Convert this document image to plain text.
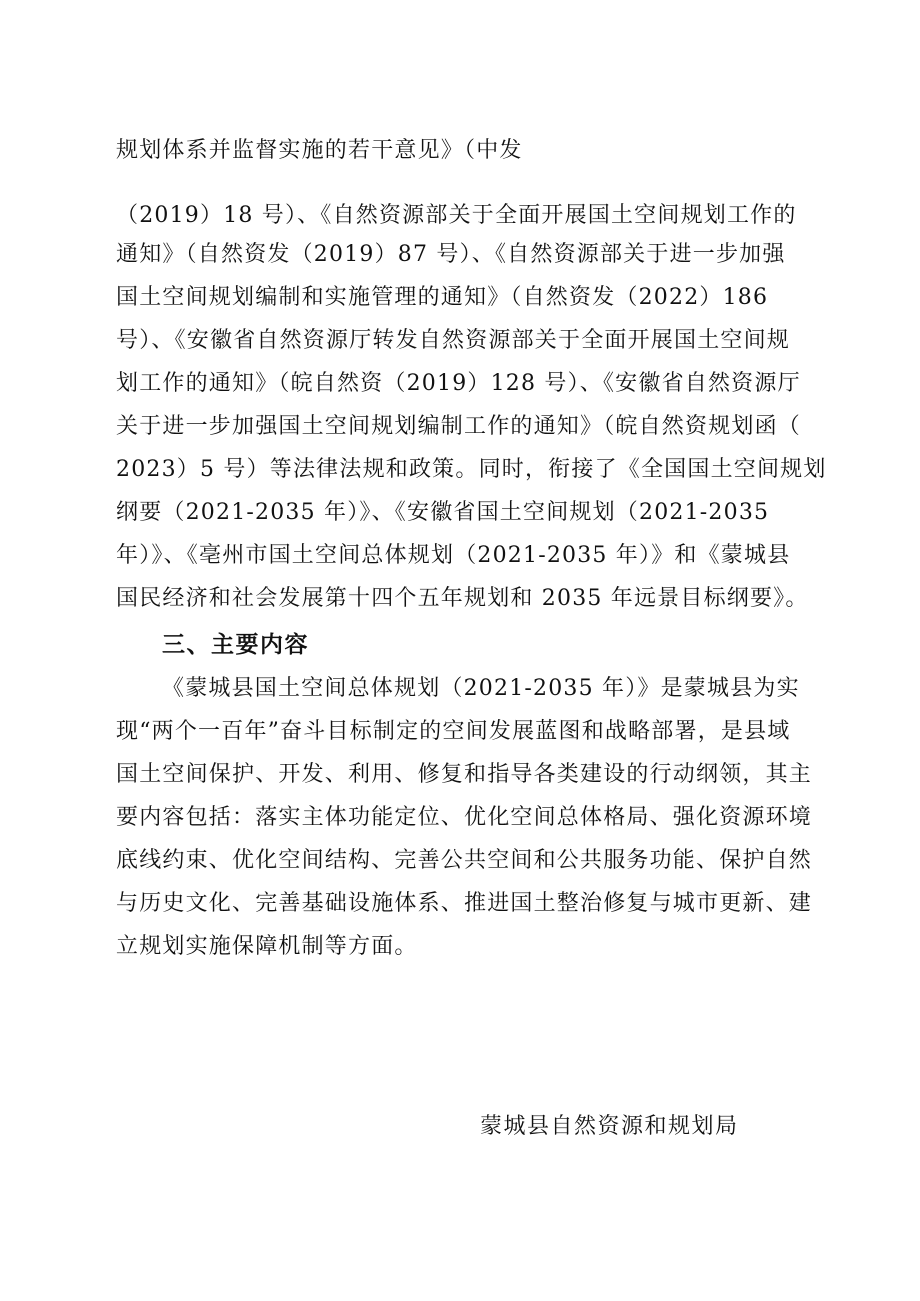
规划体系并监督实施的若干意见》（中发
（2019）18 号）、《自然资源部关于全面开展国土空间规划工作的
通知》（自然资发（2019）87 号）、《自然资源部关于进一步加强
国土空间规划编制和实施管理的通知》（自然资发（2022）186
号）、《安徽省自然资源厅转发自然资源部关于全面开展国土空间规
划工作的通知》（皖自然资（2019）128 号）、《安徽省自然资源厅
关于进一步加强国土空间规划编制工作的通知》（皖自然资规划函（
2023）5 号）等法律法规和政策。同时，衔接了《全国国土空间规划
纲要（2021-2035 年）》、《安徽省国土空间规划（2021-2035
年）》、《亳州市国土空间总体规划（2021-2035 年）》和《蒙城县
国民经济和社会发展第十四个五年规划和 2035 年远景目标纲要》。
三、主要内容
《蒙城县国土空间总体规划（2021-2035 年）》是蒙城县为实
现“两个一百年”奋斗目标制定的空间发展蓝图和战略部署，是县域
国土空间保护、开发、利用、修复和指导各类建设的行动纲领，其主
要内容包括：落实主体功能定位、优化空间总体格局、强化资源环境
底线约束、优化空间结构、完善公共空间和公共服务功能、保护自然
与历史文化、完善基础设施体系、推进国土整治修复与城市更新、建
立规划实施保障机制等方面。
蒙城县自然资源和规划局
